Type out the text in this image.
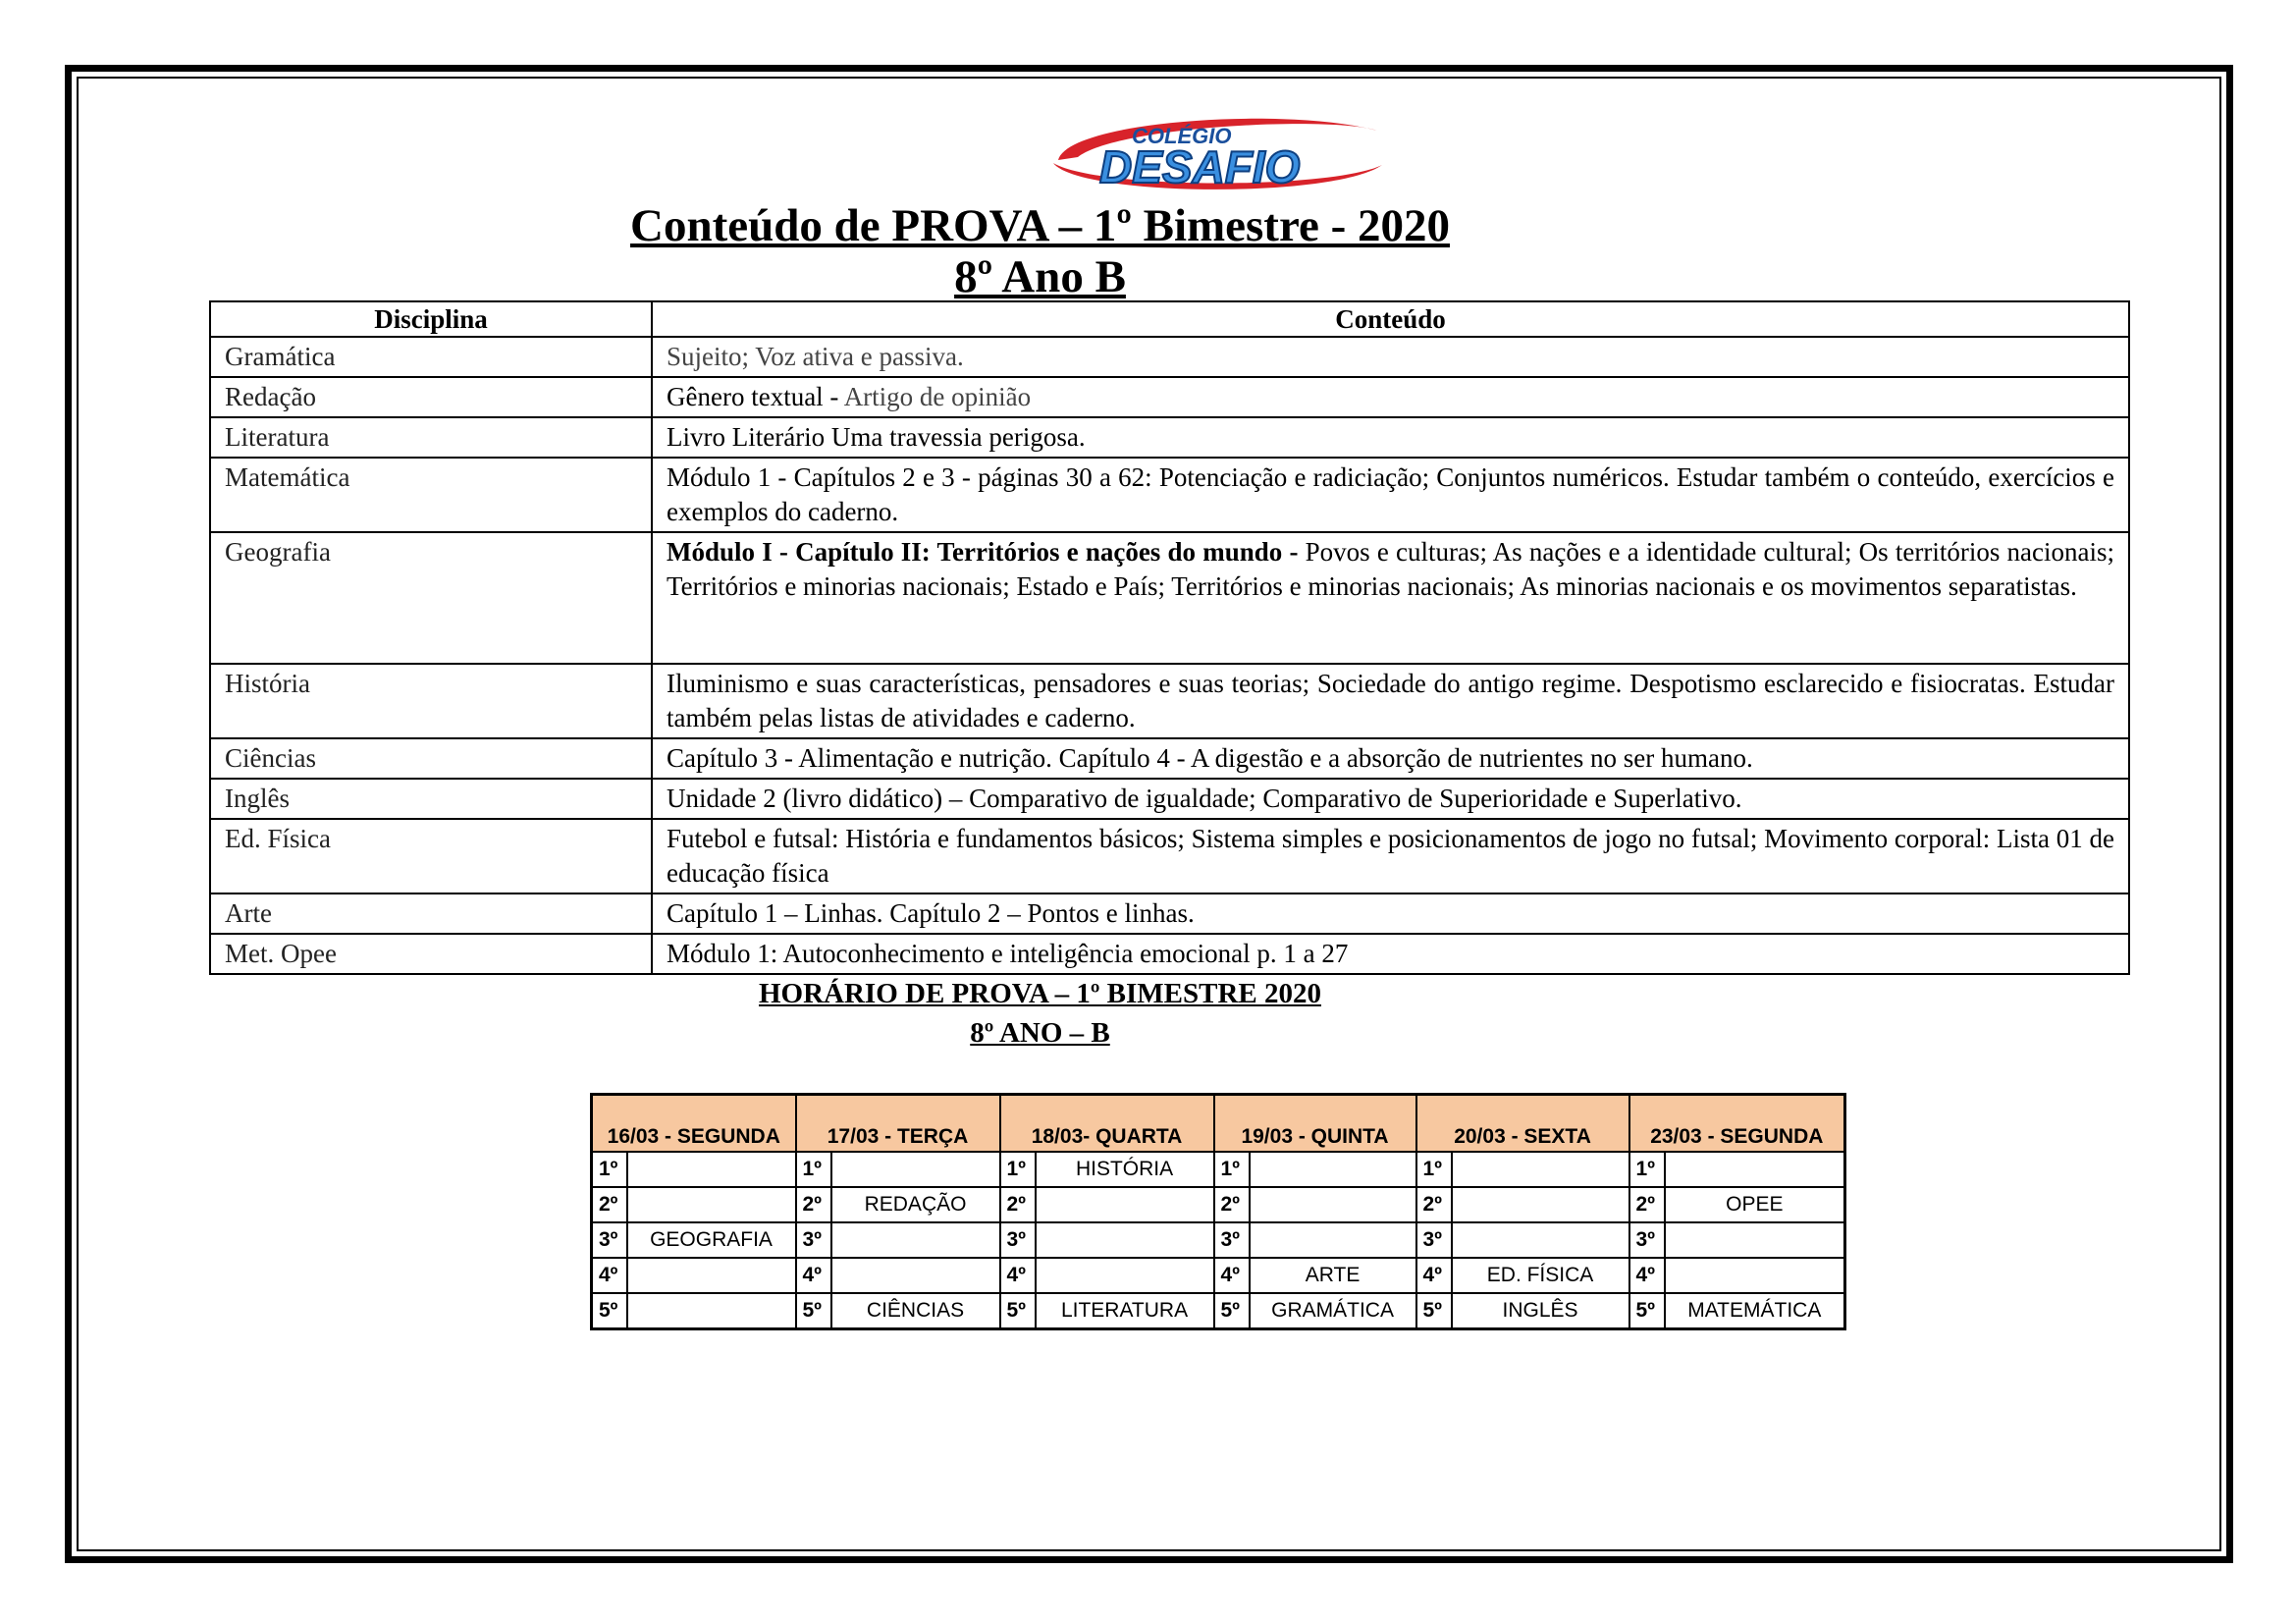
COLÉGIO
DESAFIO
Conteúdo de PROVA – 1º Bimestre - 2020
8º Ano B
Disciplina	Conteúdo
Gramática	Sujeito; Voz ativa e passiva.
Redação	Gênero textual - Artigo de opinião
Literatura	Livro Literário Uma travessia perigosa.
Matemática	Módulo 1 - Capítulos 2 e 3 - páginas 30 a 62: Potenciação e radiciação; Conjuntos numéricos. Estudar também o conteúdo, exercícios e exemplos do caderno.
Geografia	Módulo I - Capítulo II: Territórios e nações do mundo - Povos e culturas; As nações e a identidade cultural; Os territórios nacionais; Territórios e minorias nacionais; Estado e País; Territórios e minorias nacionais; As minorias nacionais e os movimentos separatistas.
História	Iluminismo e suas características, pensadores e suas teorias; Sociedade do antigo regime. Despotismo esclarecido e fisiocratas. Estudar também pelas listas de atividades e caderno.
Ciências	Capítulo 3 - Alimentação e nutrição. Capítulo 4 - A digestão e a absorção de nutrientes no ser humano.
Inglês	Unidade 2 (livro didático) – Comparativo de igualdade; Comparativo de Superioridade e Superlativo.
Ed. Física	Futebol e futsal: História e fundamentos básicos; Sistema simples e posicionamentos de jogo no futsal; Movimento corporal: Lista 01 de educação física
Arte	Capítulo 1 – Linhas. Capítulo 2 – Pontos e linhas.
Met. Opee	Módulo 1: Autoconhecimento e inteligência emocional p. 1 a 27
HORÁRIO DE PROVA – 1º BIMESTRE 2020
8º ANO – B
16/03 - SEGUNDA		17/03 - TERÇA		18/03- QUARTA		19/03 - QUINTA		20/03 - SEXTA		23/03 - SEGUNDA	
1º		1º		1º	HISTÓRIA	1º		1º		1º	
2º		2º	REDAÇÃO	2º		2º		2º		2º	OPEE
3º	GEOGRAFIA	3º		3º		3º		3º		3º	
4º		4º		4º		4º	ARTE	4º	ED. FÍSICA	4º	
5º		5º	CIÊNCIAS	5º	LITERATURA	5º	GRAMÁTICA	5º	INGLÊS	5º	MATEMÁTICA
